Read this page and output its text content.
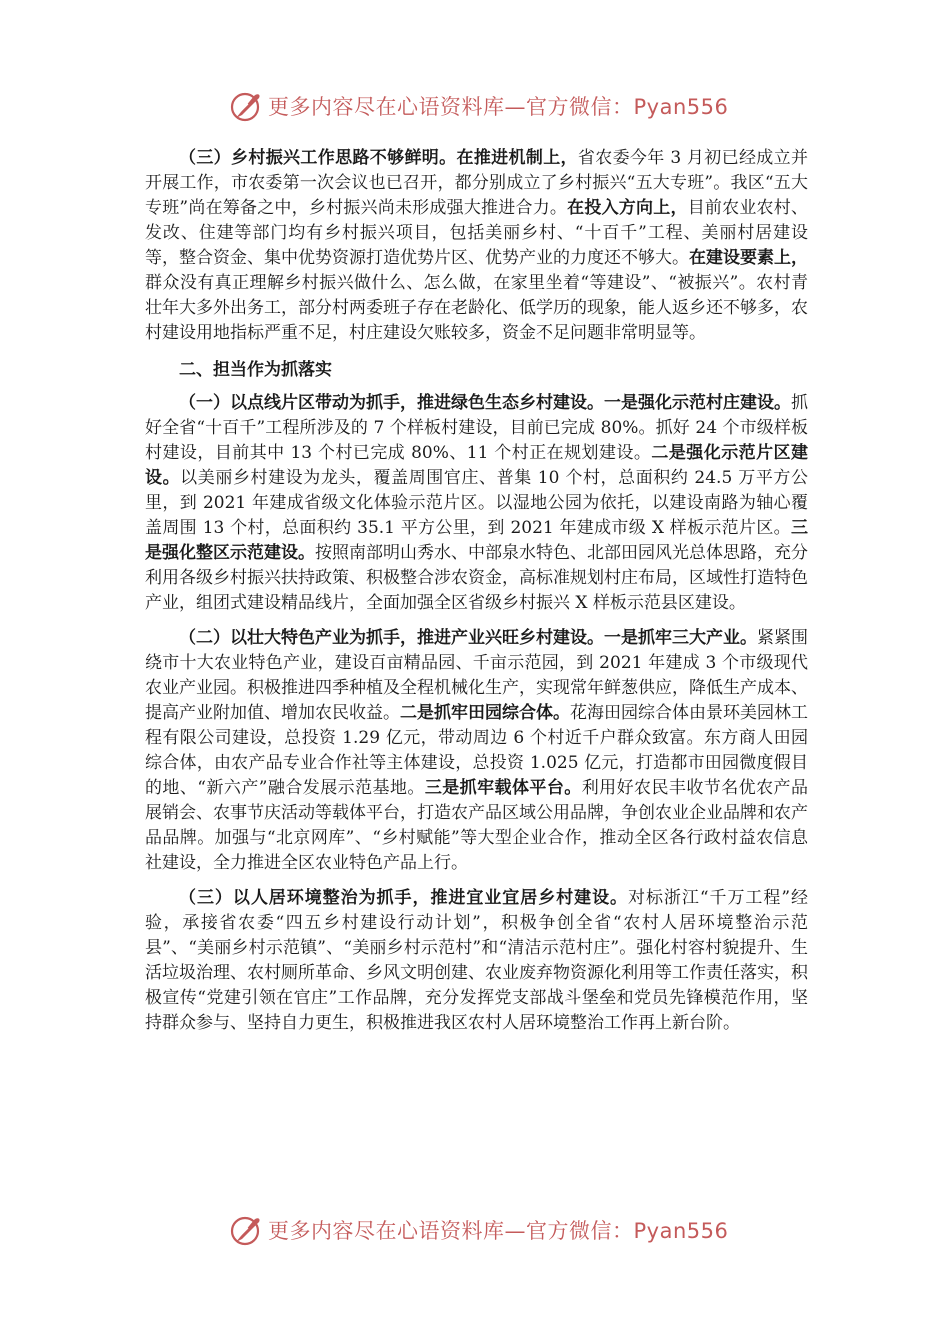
更多内容尽在心语资料库—官方微信：Pyan556

（三）乡村振兴工作思路不够鲜明。在推进机制上，省农委今年 3 月初已经成立并开展工作，市农委第一次会议也已召开，都分别成立了乡村振兴“五大专班”。我区“五大专班”尚在筹备之中，乡村振兴尚未形成强大推进合力。在投入方向上，目前农业农村、发改、住建等部门均有乡村振兴项目，包括美丽乡村、“十百千”工程、美丽村居建设等，整合资金、集中优势资源打造优势片区、优势产业的力度还不够大。在建设要素上，群众没有真正理解乡村振兴做什么、怎么做，在家里坐着“等建设”、“被振兴”。农村青壮年大多外出务工，部分村两委班子存在老龄化、低学历的现象，能人返乡还不够多，农村建设用地指标严重不足，村庄建设欠账较多，资金不足问题非常明显等。

二、担当作为抓落实

（一）以点线片区带动为抓手，推进绿色生态乡村建设。一是强化示范村庄建设。抓好全省“十百千”工程所涉及的 7 个样板村建设，目前已完成 80%。抓好 24 个市级样板村建设，目前其中 13 个村已完成 80%、11 个村正在规划建设。二是强化示范片区建设。以美丽乡村建设为龙头，覆盖周围官庄、普集 10 个村，总面积约 24.5 万平方公里，到 2021 年建成省级文化体验示范片区。以湿地公园为依托，以建设南路为轴心覆盖周围 13 个村，总面积约 35.1 平方公里，到 2021 年建成市级 X 样板示范片区。三是强化整区示范建设。按照南部明山秀水、中部泉水特色、北部田园风光总体思路，充分利用各级乡村振兴扶持政策、积极整合涉农资金，高标准规划村庄布局，区域性打造特色产业，组团式建设精品线片，全面加强全区省级乡村振兴 X 样板示范县区建设。

（二）以壮大特色产业为抓手，推进产业兴旺乡村建设。一是抓牢三大产业。紧紧围绕市十大农业特色产业，建设百亩精品园、千亩示范园，到 2021 年建成 3 个市级现代农业产业园。积极推进四季种植及全程机械化生产，实现常年鲜葱供应，降低生产成本、提高产业附加值、增加农民收益。二是抓牢田园综合体。花海田园综合体由景环美园林工程有限公司建设，总投资 1.29 亿元，带动周边 6 个村近千户群众致富。东方商人田园综合体，由农产品专业合作社等主体建设，总投资 1.025 亿元，打造都市田园微度假目的地、“新六产”融合发展示范基地。三是抓牢载体平台。利用好农民丰收节名优农产品展销会、农事节庆活动等载体平台，打造农产品区域公用品牌，争创农业企业品牌和农产品品牌。加强与“北京网库”、“乡村赋能”等大型企业合作，推动全区各行政村益农信息社建设，全力推进全区农业特色产品上行。

（三）以人居环境整治为抓手，推进宜业宜居乡村建设。对标浙江“千万工程”经验，承接省农委“四五乡村建设行动计划”，积极争创全省“农村人居环境整治示范县”、“美丽乡村示范镇”、“美丽乡村示范村”和“清洁示范村庄”。强化村容村貌提升、生活垃圾治理、农村厕所革命、乡风文明创建、农业废弃物资源化利用等工作责任落实，积极宣传“党建引领在官庄”工作品牌，充分发挥党支部战斗堡垒和党员先锋模范作用，坚持群众参与、坚持自力更生，积极推进我区农村人居环境整治工作再上新台阶。

更多内容尽在心语资料库—官方微信：Pyan556
